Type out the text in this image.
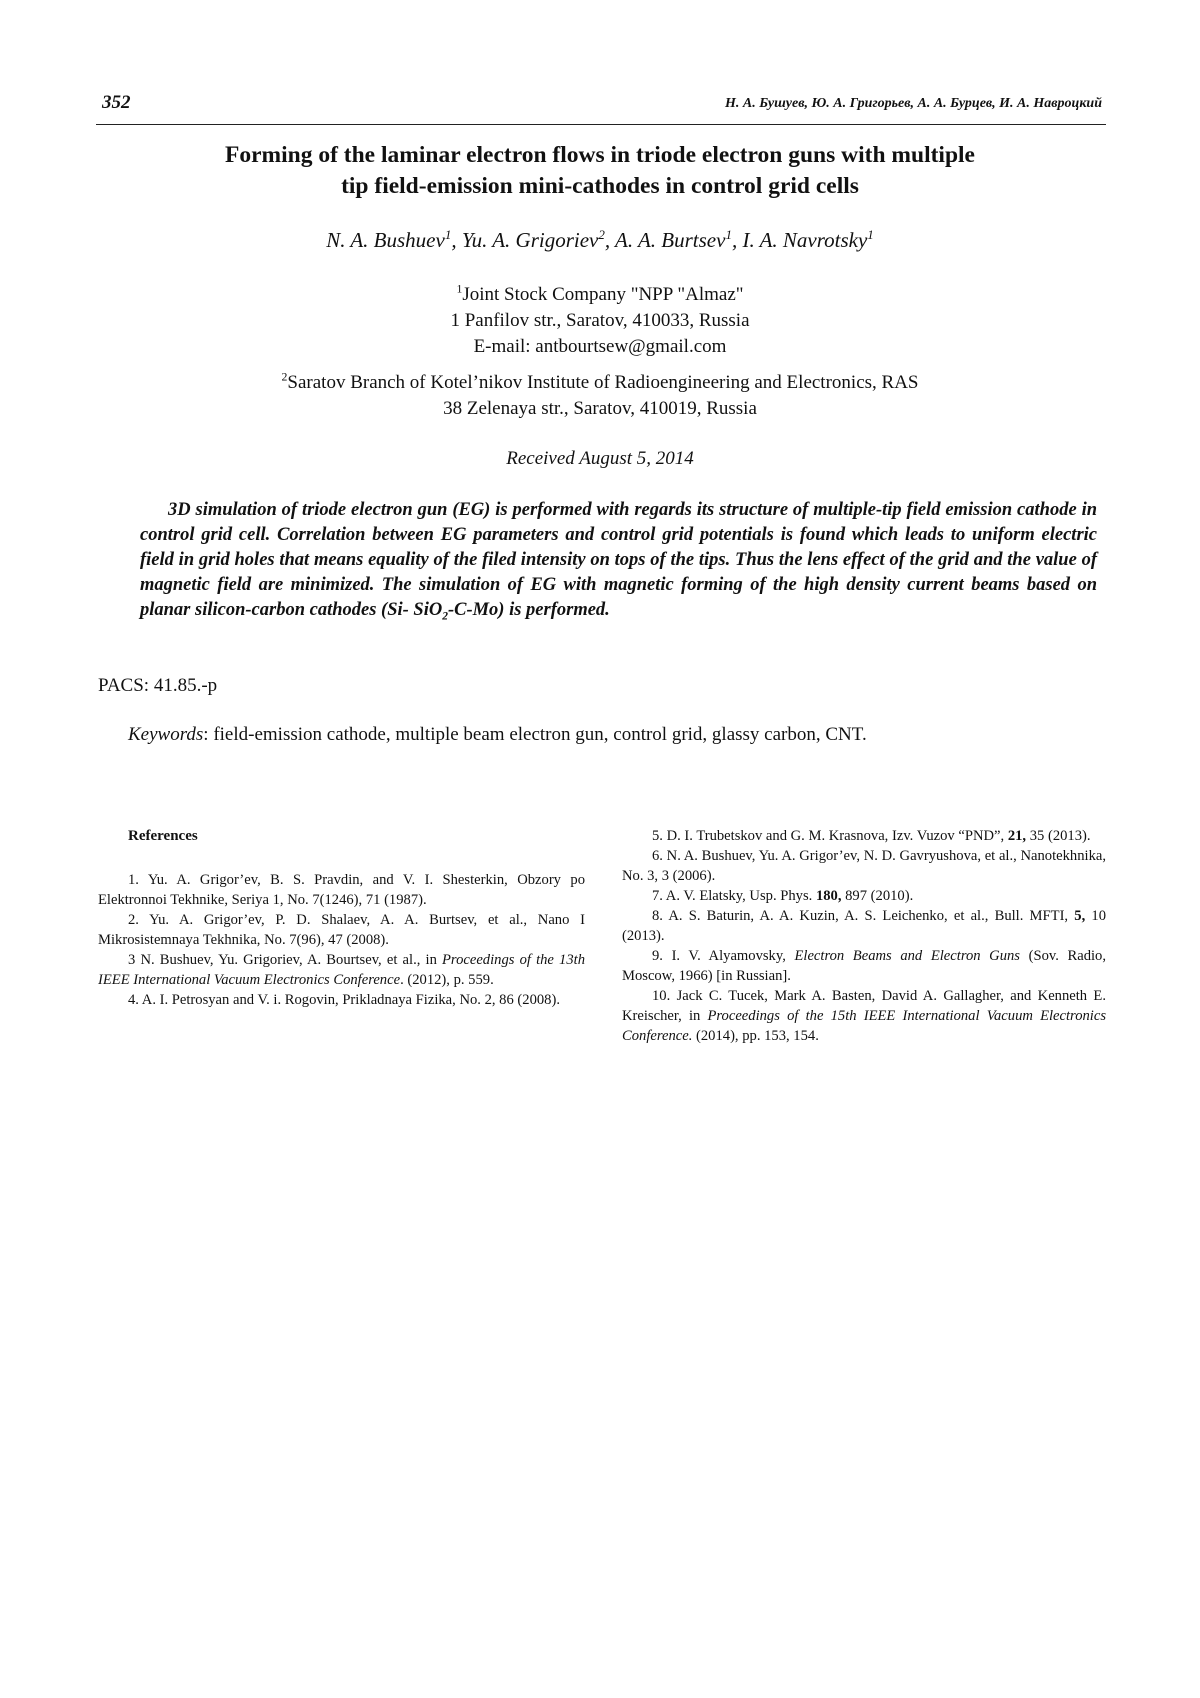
352	Н. А. Бушуев, Ю. А. Григорьев, А. А. Бурцев, И. А. Навроцкий
Forming of the laminar electron flows in triode electron guns with multiple
tip field-emission mini-cathodes in control grid cells
N. A. Bushuev$^1$, Yu. A. Grigoriev$^2$, A. A. Burtsev$^1$, I. A. Navrotsky$^1$
$^1$Joint Stock Company "NPP "Almaz"
1 Panfilov str., Saratov, 410033, Russia
E-mail: antbourtsew@gmail.com
$^2$Saratov Branch of Kotel’nikov Institute of Radioengineering and Electronics, RAS
38 Zelenaya str., Saratov, 410019, Russia
Received August 5, 2014

3D simulation of triode electron gun (EG) is performed with regards its structure of multiple-tip field emission cathode in control grid cell. Correlation between EG parameters and control grid potentials is found which leads to uniform electric field in grid holes that means equality of the filed intensity on tops of the tips. Thus the lens effect of the grid and the value of magnetic field are minimized. The simulation of EG with magnetic forming of the high density current beams based on planar silicon-carbon cathodes (Si- SiO$_2$-C-Mo) is performed.

PACS: 41.85.-p
Keywords: field-emission cathode, multiple beam electron gun, control grid, glassy carbon, CNT.
References

1. Yu. A. Grigor’ev, B. S. Pravdin, and V. I. Shesterkin, Obzory po Elektronnoi Tekhnike, Seriya 1, No. 7(1246), 71 (1987).

2. Yu. A. Grigor’ev, P. D. Shalaev, A. A. Burtsev, et al., Nano I Mikrosistemnaya Tekhnika, No. 7(96), 47 (2008).

3 N. Bushuev, Yu. Grigoriev, A. Bourtsev, et al., in Proceedings of the 13th IEEE International Vacuum Electronics Conference. (2012), p. 559.

4. A. I. Petrosyan and V. i. Rogovin, Prikladnaya Fizika, No. 2, 86 (2008).

5. D. I. Trubetskov and G. M. Krasnova, Izv. Vuzov “PND”, 21, 35 (2013).

6. N. A. Bushuev, Yu. A. Grigor’ev, N. D. Gavryushova, et al., Nanotekhnika, No. 3, 3 (2006).

7. A. V. Elatsky, Usp. Phys. 180, 897 (2010).

8. A. S. Baturin, A. A. Kuzin, A. S. Leichenko, et al., Bull. MFTI, 5, 10 (2013).

9. I. V. Alyamovsky, Electron Beams and Electron Guns (Sov. Radio, Moscow, 1966) [in Russian].

10. Jack C. Tucek, Mark A. Basten, David A. Gallagher, and Kenneth E. Kreischer, in Proceedings of the 15th IEEE International Vacuum Electronics Conference. (2014), pp. 153, 154.
